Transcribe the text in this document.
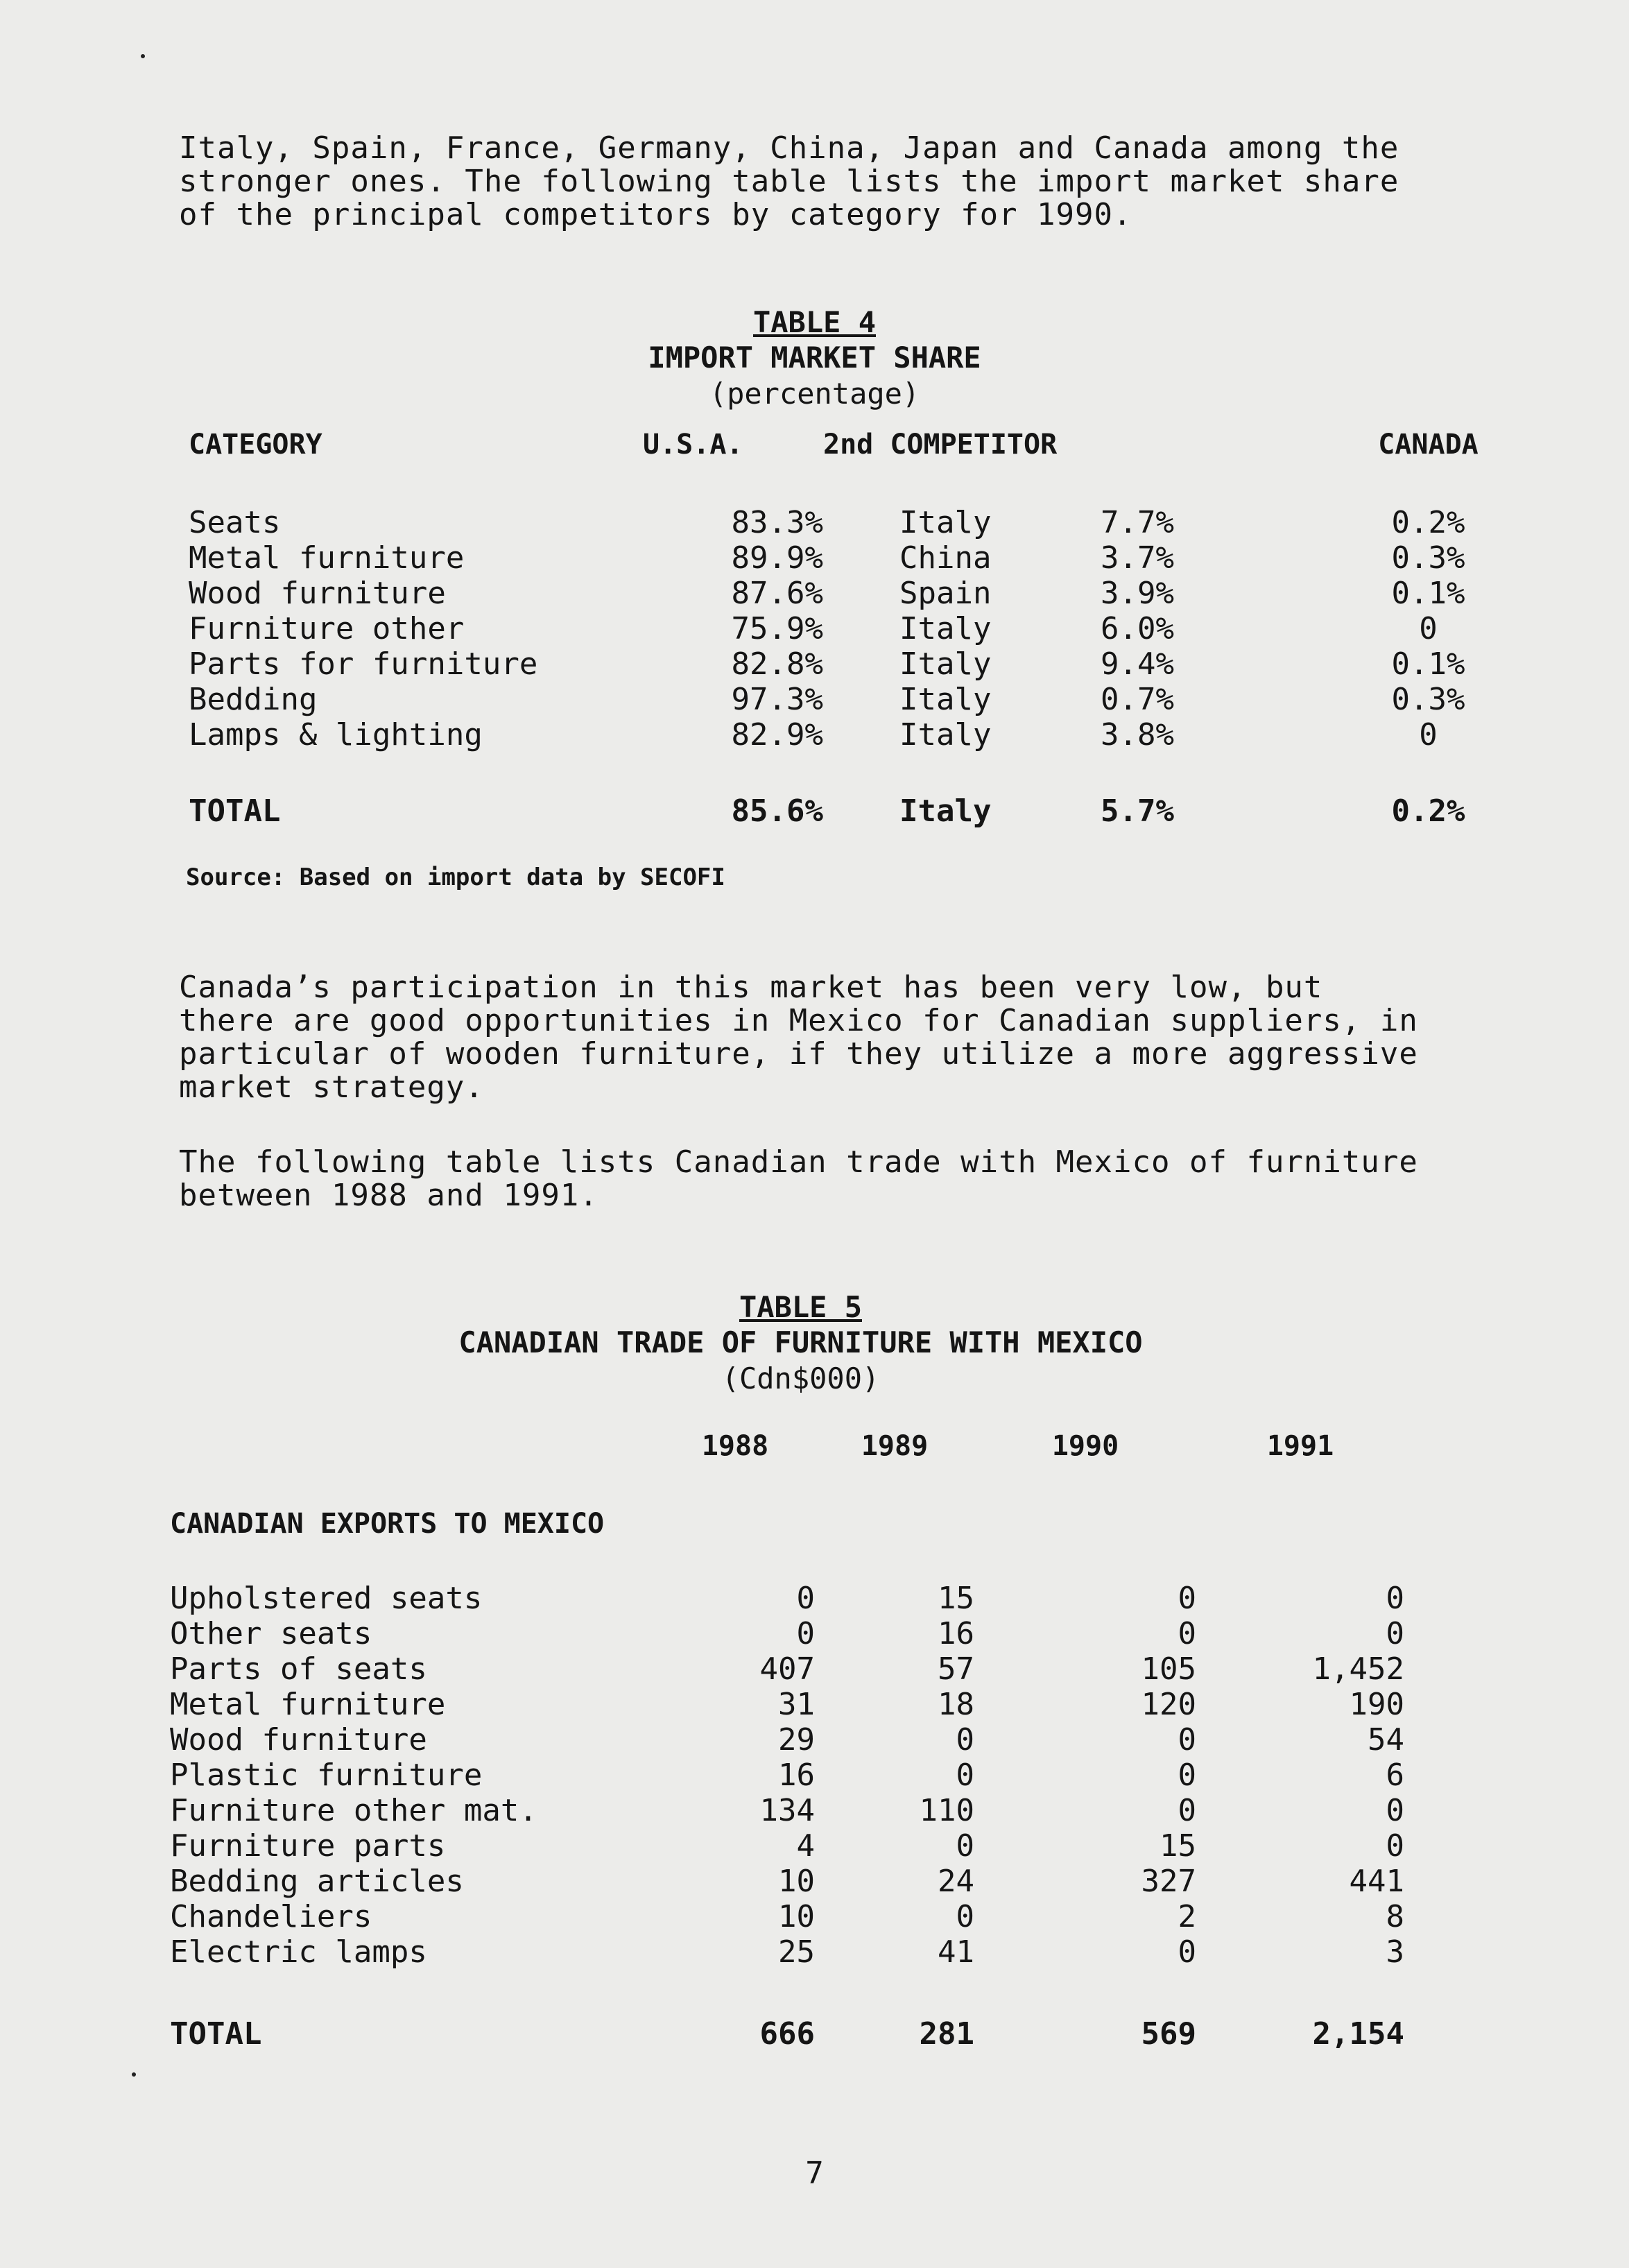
Italy, Spain, France, Germany, China, Japan and Canada among the
stronger ones. The following table lists the import market share
of the principal competitors by category for 1990.

TABLE 4

IMPORT MARKET SHARE

(percentage)

CATEGORY	U.S.A.	2nd COMPETITOR		CANADA
Seats	83.3%	Italy	7.7%	0.2%
Metal furniture	89.9%	China	3.7%	0.3%
Wood furniture	87.6%	Spain	3.9%	0.1%
Furniture other	75.9%	Italy	6.0%	0
Parts for furniture	82.8%	Italy	9.4%	0.1%
Bedding	97.3%	Italy	0.7%	0.3%
Lamps & lighting	82.9%	Italy	3.8%	0
TOTAL	85.6%	Italy	5.7%	0.2%

Source: Based on import data by SECOFI

Canada’s participation in this market has been very low, but
there are good opportunities in Mexico for Canadian suppliers, in
particular of wooden furniture, if they utilize a more aggressive
market strategy.

The following table lists Canadian trade with Mexico of furniture
between 1988 and 1991.

TABLE 5

CANADIAN TRADE OF FURNITURE WITH MEXICO

(Cdn$000)

	1988	1989	1990	1991
CANADIAN EXPORTS TO MEXICO				
Upholstered seats	0	15	0	0
Other seats	0	16	0	0
Parts of seats	407	57	105	1,452
Metal furniture	31	18	120	190
Wood furniture	29	0	0	54
Plastic furniture	16	0	0	6
Furniture other mat.	134	110	0	0
Furniture parts	4	0	15	0
Bedding articles	10	24	327	441
Chandeliers	10	0	2	8
Electric lamps	25	41	0	3
TOTAL	666	281	569	2,154
7
